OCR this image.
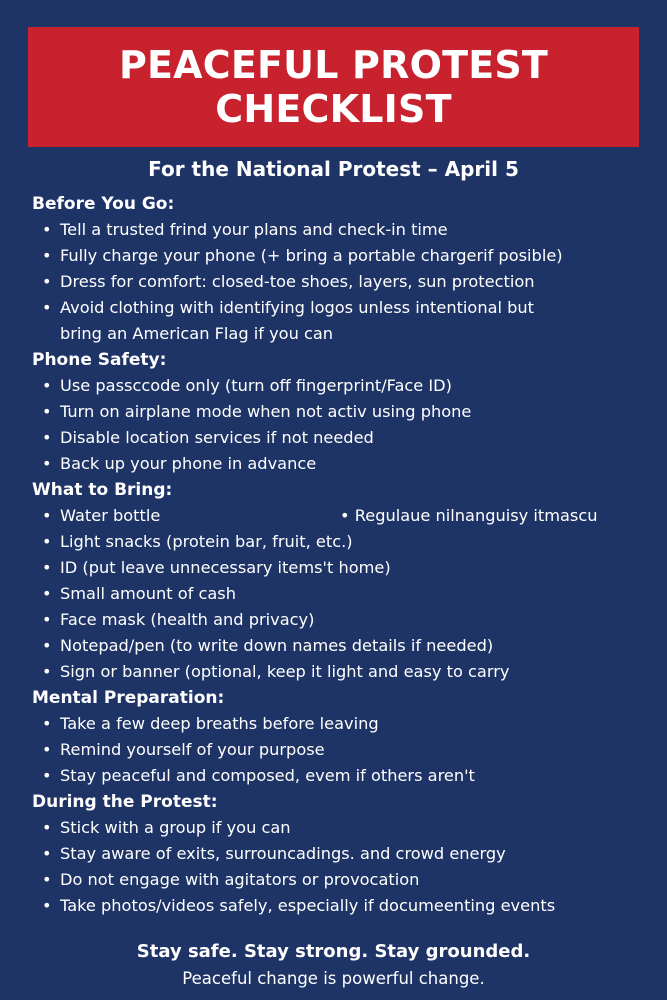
PEACEFUL PROTEST
CHECKLIST
For the National Protest – April 5
Before You Go:
• Tell a trusted frind your plans and check-in time
• Fully charge your phone (+ bring a portable chargerif posible)
• Dress for comfort: closed-toe shoes, layers, sun protection
• Avoid clothing with identifying logos unless intentional but
bring an American Flag if you can
Phone Safety:
• Use passccode only (turn off fingerprint/Face ID)
• Turn on airplane mode when not activ using phone
• Disable location services if not needed
• Back up your phone in advance
What to Bring:
• Water bottle	• Regulaue nilnanguisy itmascu
• Light snacks (protein bar, fruit, etc.)
• ID (put leave unnecessary items't home)
• Small amount of cash
• Face mask (health and privacy)
• Notepad/pen (to write down names details if needed)
• Sign or banner (optional, keep it light and easy to carry
Mental Preparation:
• Take a few deep breaths before leaving
• Remind yourself of your purpose
• Stay peaceful and composed, evem if others aren't
During the Protest:
• Stick with a group if you can
• Stay aware of exits, surrouncadings. and crowd energy
• Do not engage with agitators or provocation
• Take photos/videos safely, especially if documeenting events
Stay safe. Stay strong. Stay grounded.
Peaceful change is powerful change.
